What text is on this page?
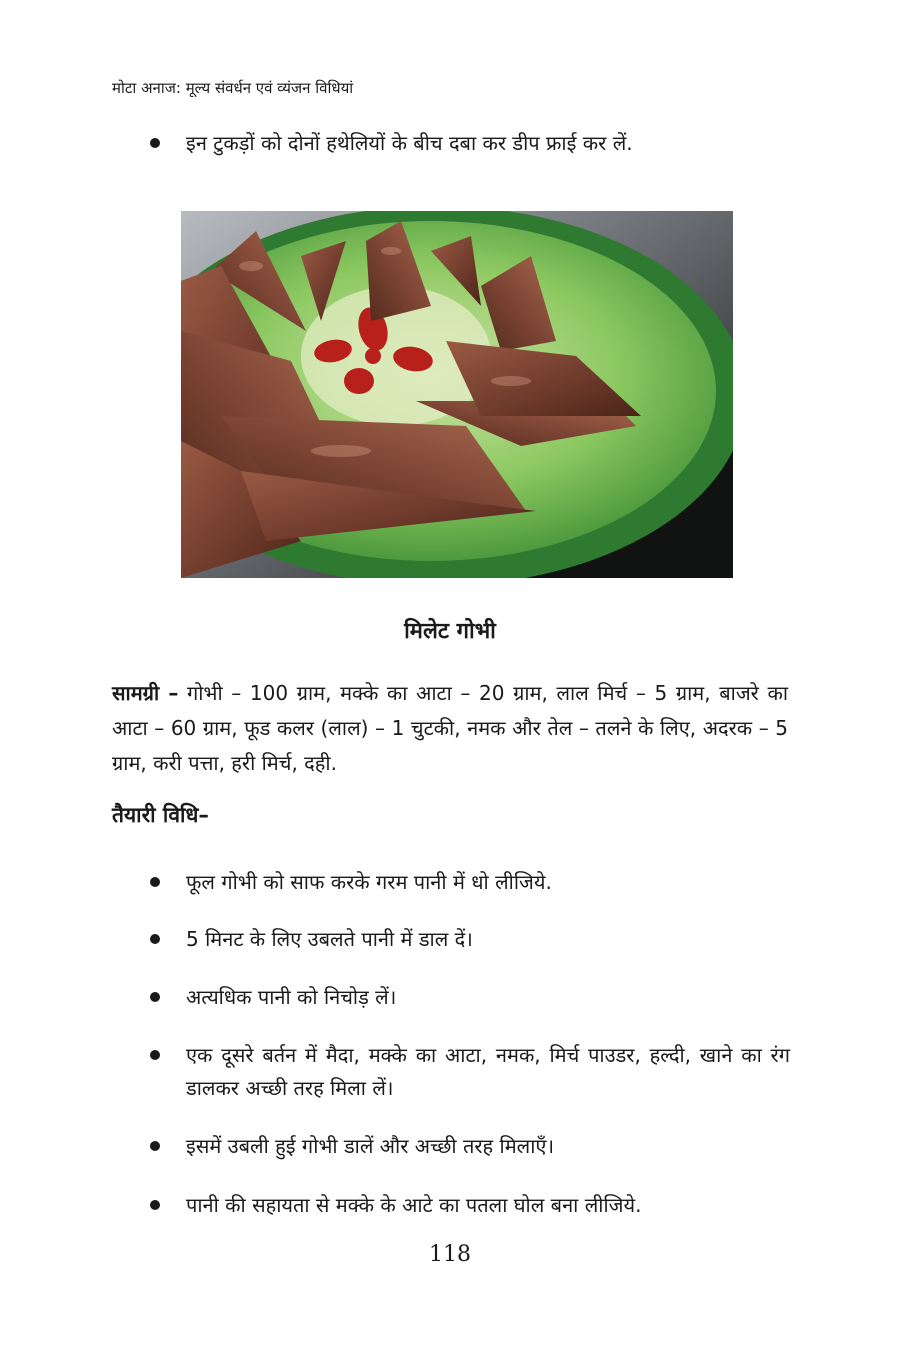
मोटा अनाज: मूल्य संवर्धन एवं व्यंजन विधियां
इन टुकड़ों को दोनों हथेलियों के बीच दबा कर डीप फ्राई कर लें.
मिलेट गोभी
सामग्री – गोभी – 100 ग्राम, मक्के का आटा – 20 ग्राम, लाल मिर्च – 5 ग्राम, बाजरे का आटा – 60 ग्राम, फूड कलर (लाल) – 1 चुटकी, नमक और तेल – तलने के लिए, अदरक – 5 ग्राम, करी पत्ता, हरी मिर्च, दही.
तैयारी विधि–
फूल गोभी को साफ करके गरम पानी में धो लीजिये.
5 मिनट के लिए उबलते पानी में डाल दें।
अत्यधिक पानी को निचोड़ लें।
एक दूसरे बर्तन में मैदा, मक्के का आटा, नमक, मिर्च पाउडर, हल्दी, खाने का रंग डालकर अच्छी तरह मिला लें।
इसमें उबली हुई गोभी डालें और अच्छी तरह मिलाएँ।
पानी की सहायता से मक्के के आटे का पतला घोल बना लीजिये.
118
